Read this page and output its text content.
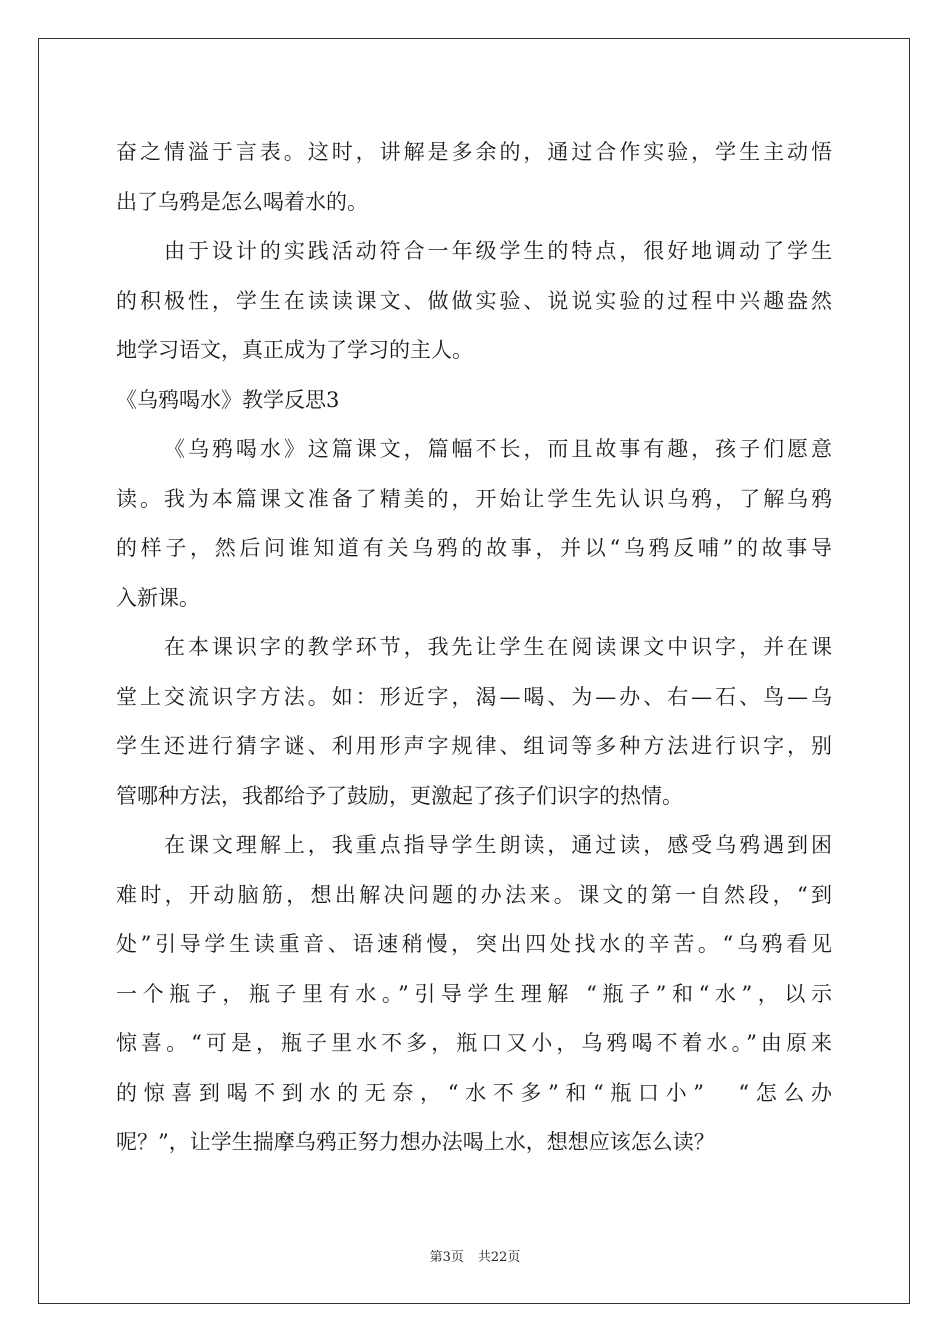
奋之情溢于言表。这时，讲解是多余的，通过合作实验，学生主动悟
出了乌鸦是怎么喝着水的。
由于设计的实践活动符合一年级学生的特点，很好地调动了学生
的积极性，学生在读读课文、做做实验、说说实验的过程中兴趣盎然
地学习语文，真正成为了学习的主人。
《乌鸦喝水》教学反思3
《乌鸦喝水》这篇课文，篇幅不长，而且故事有趣，孩子们愿意
读。我为本篇课文准备了精美的，开始让学生先认识乌鸦，了解乌鸦
的样子，然后问谁知道有关乌鸦的故事，并以“乌鸦反哺”的故事导
入新课。
在本课识字的教学环节，我先让学生在阅读课文中识字，并在课
堂上交流识字方法。如：形近字，渴—喝、为—办、右—石、鸟—乌
学生还进行猜字谜、利用形声字规律、组词等多种方法进行识字，别
管哪种方法，我都给予了鼓励，更激起了孩子们识字的热情。
在课文理解上，我重点指导学生朗读，通过读，感受乌鸦遇到困
难时，开动脑筋，想出解决问题的办法来。课文的第一自然段，“到
处”引导学生读重音、语速稍慢，突出四处找水的辛苦。“乌鸦看见
一个瓶子，瓶子里有水。”引导学生理解 “瓶子”和“水”，以示
惊喜。“可是，瓶子里水不多，瓶口又小，乌鸦喝不着水。”由原来
的惊喜到喝不到水的无奈，“水不多”和“瓶口小”　“怎么办
呢？”，让学生揣摩乌鸦正努力想办法喝上水，想想应该怎么读？
第3页 共22页
